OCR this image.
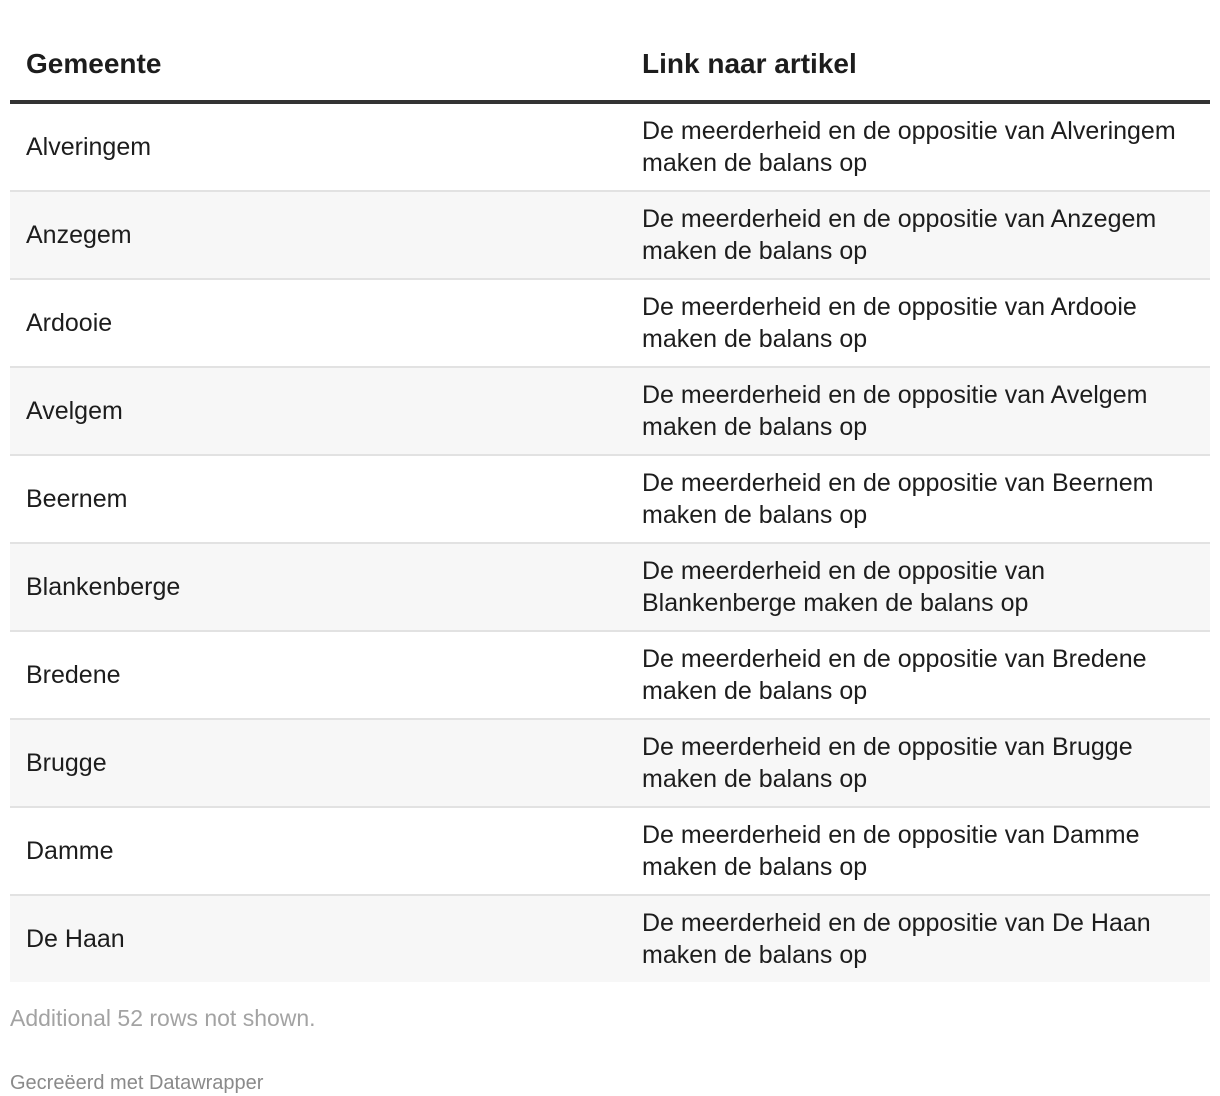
Gemeente	Link naar artikel
Alveringem	De meerderheid en de oppositie van Alveringem maken de balans op

Anzegem	De meerderheid en de oppositie van Anzegem maken de balans op

Ardooie	De meerderheid en de oppositie van Ardooie maken de balans op

Avelgem	De meerderheid en de oppositie van Avelgem maken de balans op

Beernem	De meerderheid en de oppositie van Beernem maken de balans op

Blankenberge	De meerderheid en de oppositie van Blankenberge maken de balans op

Bredene	De meerderheid en de oppositie van Bredene maken de balans op

Brugge	De meerderheid en de oppositie van Brugge maken de balans op

Damme	De meerderheid en de oppositie van Damme maken de balans op

De Haan	De meerderheid en de oppositie van De Haan maken de balans op
Additional 52 rows not shown.
Gecreëerd met Datawrapper
